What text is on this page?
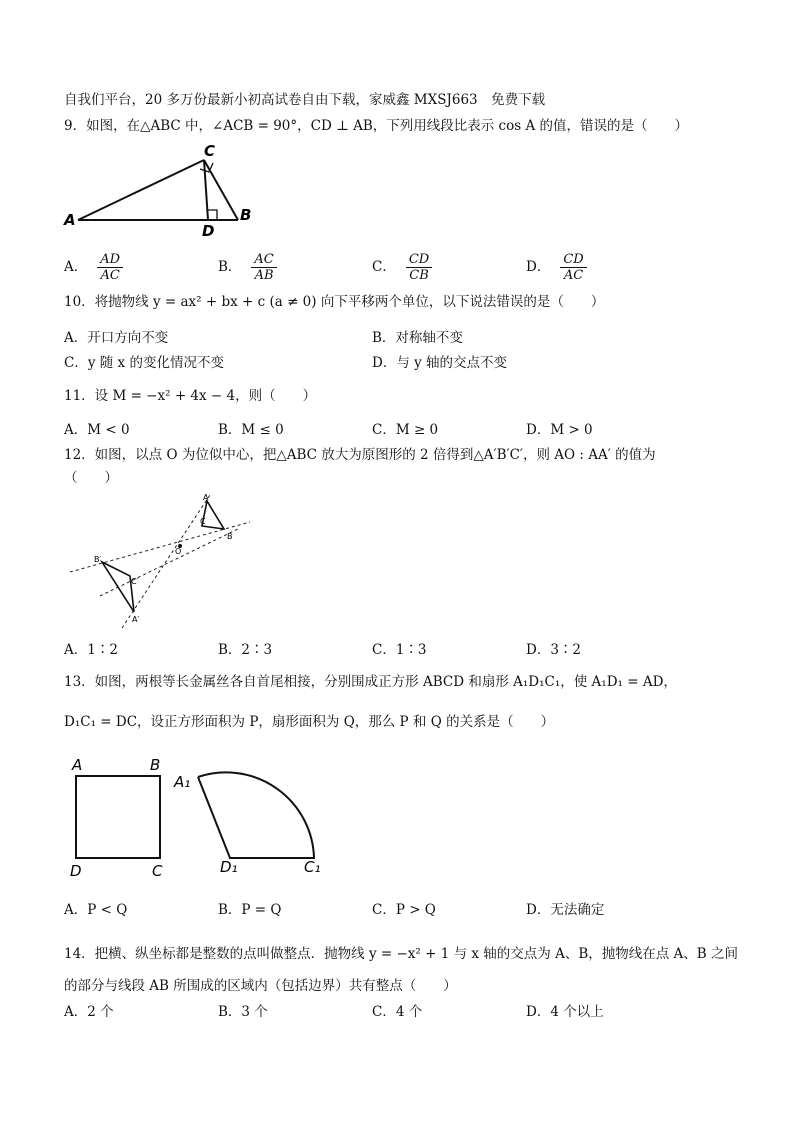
自我们平台，20 多万份最新小初高试卷自由下载，家威鑫 MXSJ663　免费下载
9．如图，在△ABC 中，∠ACB = 90°，CD ⊥ AB，下列用线段比表示 cos A 的值，错误的是（　　）
A	B
C
D
A． $\frac{AD}{AC}$	B． $\frac{AC}{AB}$	C． $\frac{CD}{CB}$	D． $\frac{CD}{AC}$
10．将抛物线 y = ax² + bx + c (a ≠ 0) 向下平移两个单位，以下说法错误的是（　　）
A．开口方向不变	B．对称轴不变
C．y 随 x 的变化情况不变	D．与 y 轴的交点不变
11．设 M = −x² + 4x − 4，则（　　）
A．M < 0	B．M ≤ 0	C．M ≥ 0	D．M > 0
12．如图，以点 O 为位似中心，把△ABC 放大为原图形的 2 倍得到△A′B′C′，则 AO : AA′ 的值为
（　　）
A
B
C
O
B′
C′
A′
A．1∶2	B．2∶3	C．1∶3	D．3∶2
13．如图，两根等长金属丝各自首尾相接，分别围成正方形 ABCD 和扇形 A₁D₁C₁，使 A₁D₁ = AD，
D₁C₁ = DC，设正方形面积为 P，扇形面积为 Q，那么 P 和 Q 的关系是（　　）
A	B
C
D
A₁
D₁	C₁
A．P < Q	B．P = Q	C．P > Q	D．无法确定
14．把横、纵坐标都是整数的点叫做整点．抛物线 y = −x² + 1 与 x 轴的交点为 A、B，抛物线在点 A、B 之间
的部分与线段 AB 所围成的区域内（包括边界）共有整点（　　）
A．2 个	B．3 个	C．4 个	D．4 个以上
